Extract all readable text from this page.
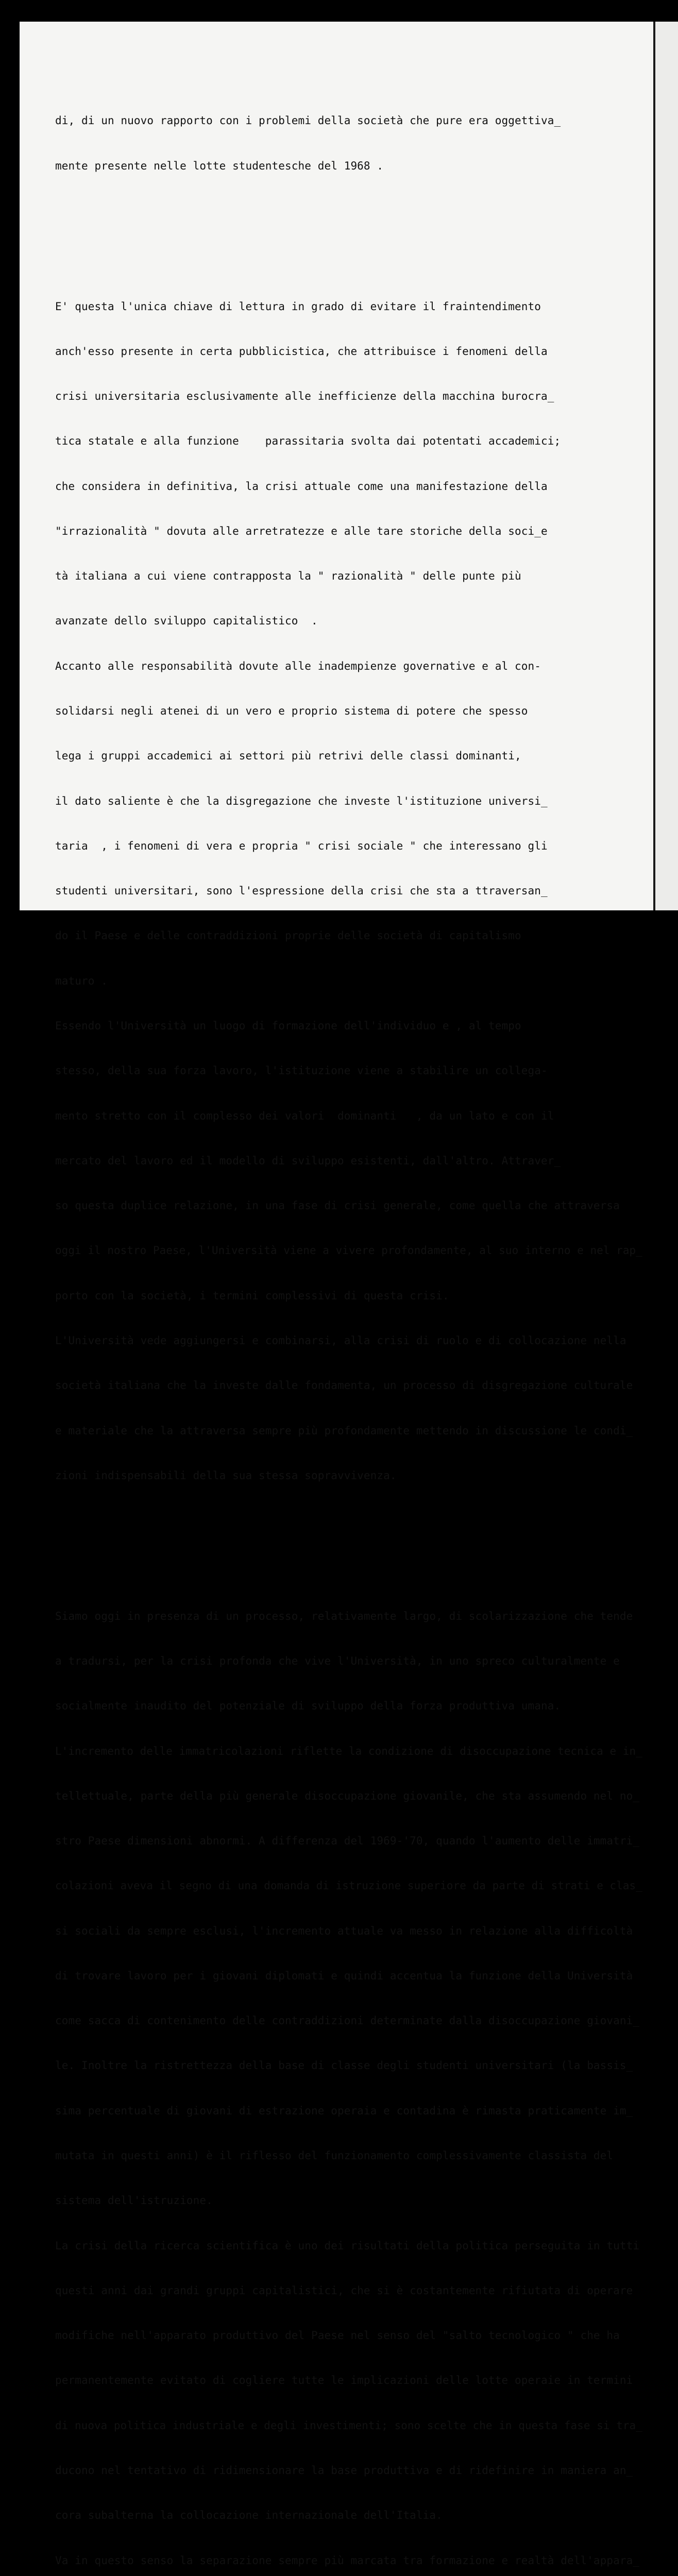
di, di un nuovo rapporto con i problemi della società che pure era oggettiva_

mente presente nelle lotte studentesche del 1968 .

E' questa l'unica chiave di lettura in grado di evitare il fraintendimento

anch'esso presente in certa pubblicistica, che attribuisce i fenomeni della

crisi universitaria esclusivamente alle inefficienze della macchina burocra_

tica statale e alla funzione    parassitaria svolta dai potentati accademici;

che considera in definitiva, la crisi attuale come una manifestazione della

"irrazionalità " dovuta alle arretratezze e alle tare storiche della soci_e

tà italiana a cui viene contrapposta la " razionalità " delle punte più

avanzate dello sviluppo capitalistico  .

Accanto alle responsabilità dovute alle inadempienze governative e al con-

solidarsi negli atenei di un vero e proprio sistema di potere che spesso

lega i gruppi accademici ai settori più retrivi delle classi dominanti,

il dato saliente è che la disgregazione che investe l'istituzione universi_

taria  , i fenomeni di vera e propria " crisi sociale " che interessano gli

studenti universitari, sono l'espressione della crisi che sta a ttraversan_

do il Paese e delle contraddizioni proprie delle società di capitalismo

maturo .

Essendo l'Università un luogo di formazione dell'individuo e , al tempo

stesso, della sua forza lavoro, l'istituzione viene a stabilire un collega-

mento stretto con il complesso dei valori  dominanti   , da un lato e con il

mercato del lavoro ed il modello di sviluppo esistenti, dall'altro. Attraver_

so questa duplice relazione, in una fase di crisi generale, come quella che attraversa

oggi il nostro Paese, l'Università viene a vivere profondamente, al suo interno e nel rap_

porto con la società, i termini complessivi di questa crisi.

L'Università vede aggiungersi e combinarsi, alla crisi di ruolo e di collocazione nella

società italiana che la investe dalle fondamenta, un processo di disgregazione culturale

e materiale che la attraversa sempre più profondamente mettendo in discussione le condi_

zioni indispensabili della sua stessa sopravvivenza.

Siamo oggi in presenza di un processo, relativamente largo, di scolarizzazione che tende

a tradursi, per la crisi profonda che vive l'Università, in uno spreco culturalmente e

socialmente inaudito del potenziale di sviluppo della forza produttiva umana.

L'incremento delle immatricolazioni riflette la condizione di disoccupazione tecnica e in_

tellettuale, parte della più generale disoccupazione giovanile, che sta assumendo nel no_

stro Paese dimensioni abnormi. A differenza del 1969-'70, quando l'aumento delle immatri_

colazioni aveva il segno di una domanda di istruzione superiore da parte di strati e clas_

si sociali da sempre esclusi, l'incremento attuale va messo in relazione alla difficoltà

di trovare lavoro per i giovani diplomati e quindi accentua la funzione della Università

come sacca di contenimento delle contraddizioni determinate dalla disoccupazione giovani_

le. Inoltre la ristrettezza della base di classe degli studenti universitari (la bassis_

sima percentuale di giovani di estrazione operaia e contadina è rimasta praticamente im_

mutata in questi anni) è il riflesso del funzionamento complessivamente classista del

sistema dell'istruzione.

La crisi della ricerca scientifica è uno dei risultati della politica perseguita in tutti

questi anni dai grandi gruppi capitalistici, che si è costantemente rifiutata di operare

modifiche nell'apparato produttivo del Paese nel senso del "salto tecnologico " che ha

permanentemente evitato di cogliere tutte le implicazioni delle lotte operaie in termini

di nuova politica industriale e degli investimenti; sono scelte che in questa fase si tra_

ducono nel tentativo di ridimensionare la base produttiva e di ridefinire in maniera an_

cora subalterna la collocazione internazionale dell'Italia.

Va in questo senso la separazione sempre più marcata tra formazione e realtà dell'appara_
